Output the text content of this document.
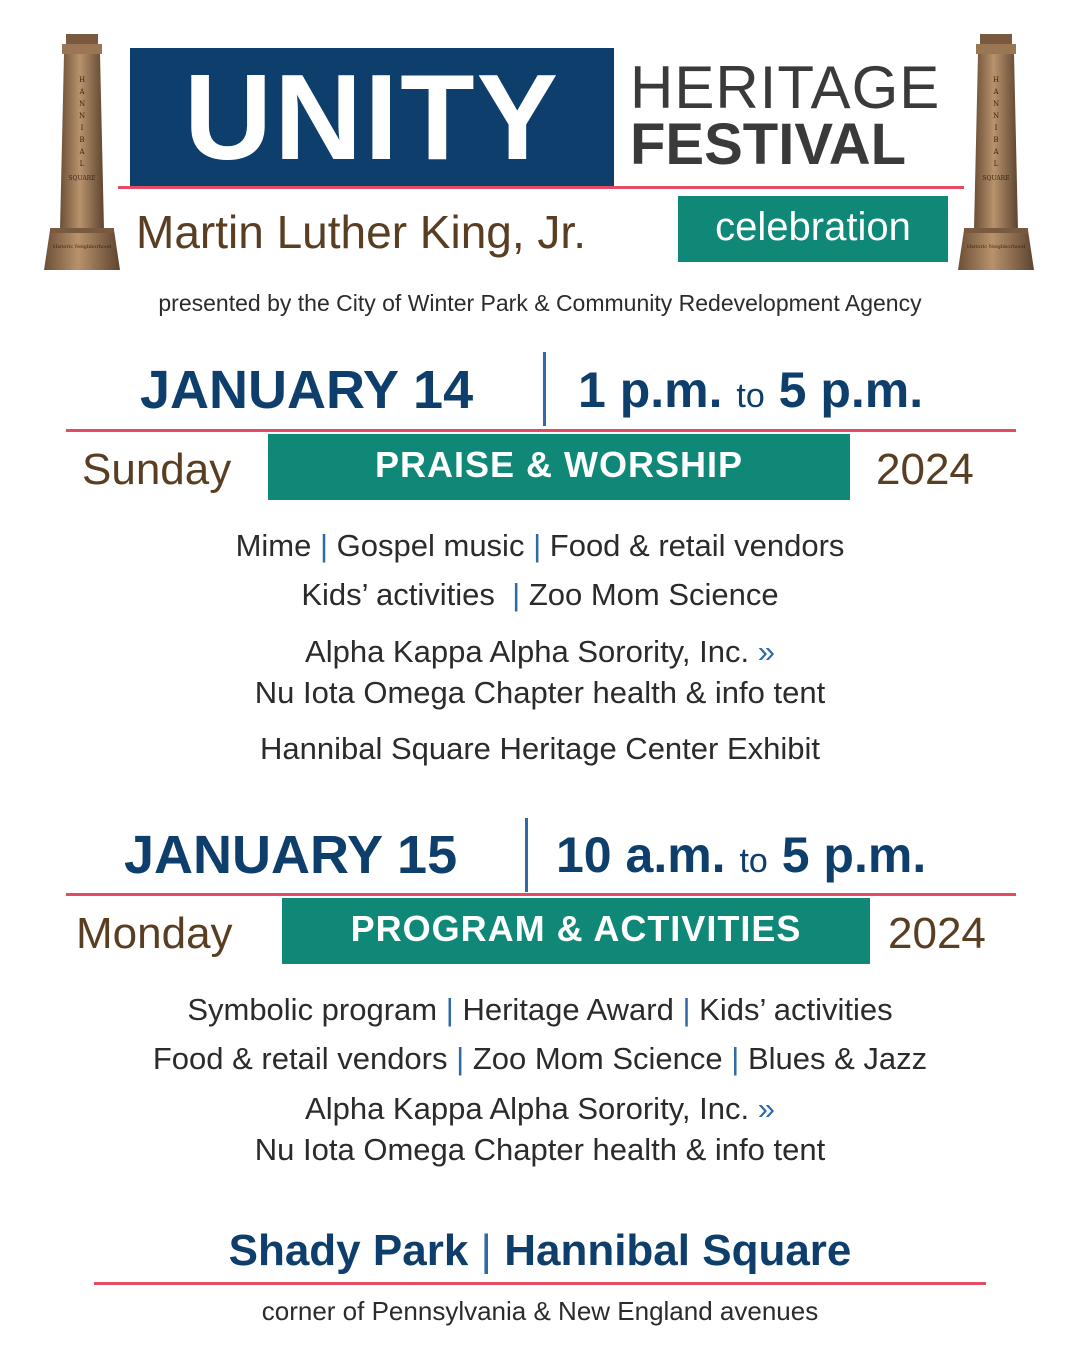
H
A
N
N
I
B
A
L
SQUARE
Historic Neighborhood
H
A
N
N
I
B
A
L
SQUARE
Historic Neighborhood
UNITY	HERITAGE
FESTIVAL
Martin Luther King, Jr.	celebration
presented by the City of Winter Park & Community Redevelopment Agency
JANUARY 14 1 p.m. to 5 p.m.
Sunday	PRAISE & WORSHIP	2024
Mime | Gospel music | Food & retail vendors
Kids’ activities | Zoo Mom Science
Alpha Kappa Alpha Sorority, Inc. »
Nu Iota Omega Chapter health & info tent
Hannibal Square Heritage Center Exhibit
JANUARY 15 10 a.m. to 5 p.m.
Monday	PROGRAM & ACTIVITIES	2024
Symbolic program | Heritage Award | Kids’ activities
Food & retail vendors | Zoo Mom Science | Blues & Jazz
Alpha Kappa Alpha Sorority, Inc. »
Nu Iota Omega Chapter health & info tent
Shady Park | Hannibal Square
corner of Pennsylvania & New England avenues
